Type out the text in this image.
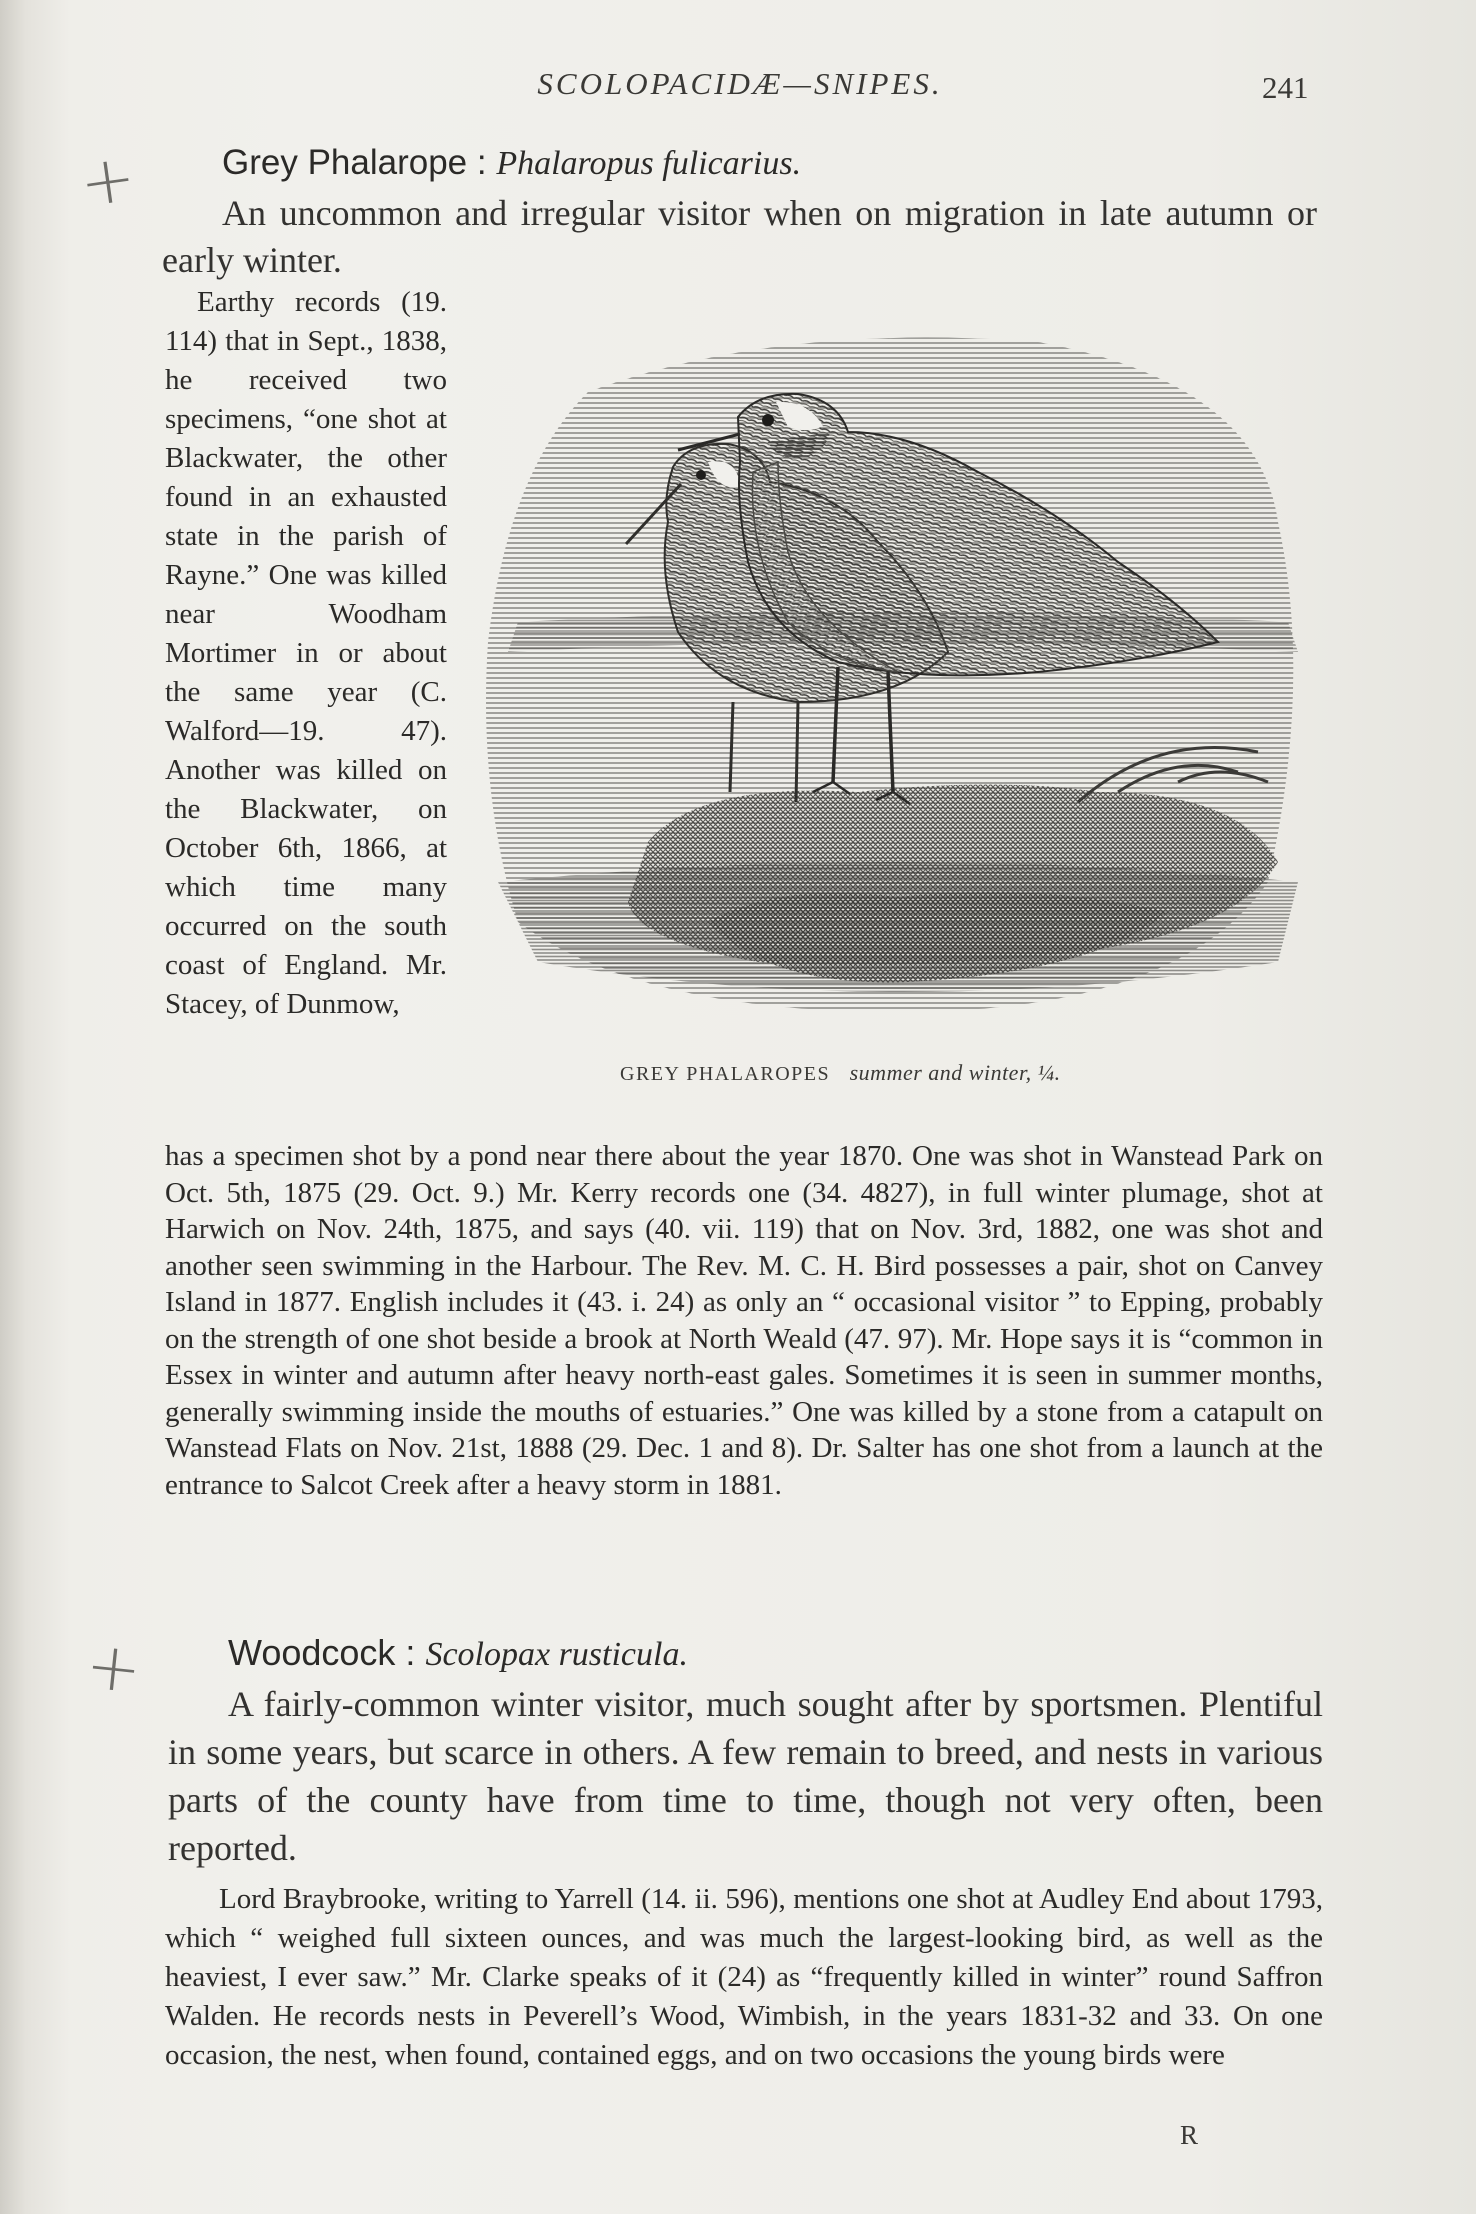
SCOLOPACIDÆ—SNIPES.	241
+
+
Grey Phalarope : Phalaropus fulicarius.
An uncommon and irregular visitor when on migration in late autumn or early winter.
Earthy records (19. 114) that in Sept., 1838, he received two specimens, “one shot at Blackwater, the other found in an exhausted state in the parish of Rayne.” One was killed near Woodham Mortimer in or about the same year (C. Walford—19. 47). Another was killed on the Blackwater, on October 6th, 1866, at which time many occurred on the south coast of England. Mr. Stacey, of Dunmow,
GREY PHALAROPES summer and winter, ¼.
has a specimen shot by a pond near there about the year 1870. One was shot in Wanstead Park on Oct. 5th, 1875 (29. Oct. 9.) Mr. Kerry records one (34. 4827), in full winter plumage, shot at Harwich on Nov. 24th, 1875, and says (40. vii. 119) that on Nov. 3rd, 1882, one was shot and another seen swimming in the Harbour. The Rev. M. C. H. Bird possesses a pair, shot on Canvey Island in 1877. English includes it (43. i. 24) as only an “ occasional visitor ” to Epping, probably on the strength of one shot beside a brook at North Weald (47. 97). Mr. Hope says it is “common in Essex in winter and autumn after heavy north-east gales. Sometimes it is seen in summer months, generally swimming inside the mouths of estuaries.” One was killed by a stone from a catapult on Wanstead Flats on Nov. 21st, 1888 (29. Dec. 1 and 8). Dr. Salter has one shot from a launch at the entrance to Salcot Creek after a heavy storm in 1881.
Woodcock : Scolopax rusticula.
A fairly-common winter visitor, much sought after by sportsmen. Plentiful in some years, but scarce in others. A few remain to breed, and nests in various parts of the county have from time to time, though not very often, been reported.
Lord Braybrooke, writing to Yarrell (14. ii. 596), mentions one shot at Audley End about 1793, which “ weighed full sixteen ounces, and was much the largest-looking bird, as well as the heaviest, I ever saw.” Mr. Clarke speaks of it (24) as “frequently killed in winter” round Saffron Walden. He records nests in Peverell’s Wood, Wimbish, in the years 1831-32 and 33. On one occasion, the nest, when found, contained eggs, and on two occasions the young birds were
R
